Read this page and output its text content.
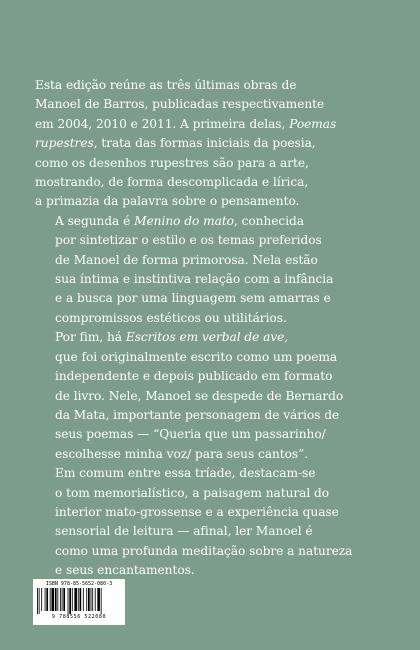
Esta edição reúne as três últimas obras de
Manoel de Barros, publicadas respectivamente
em 2004, 2010 e 2011. A primeira delas, Poemas
rupestres, trata das formas iniciais da poesia,
como os desenhos rupestres são para a arte,
mostrando, de forma descomplicada e lírica,
a primazia da palavra sobre o pensamento.

A segunda é Menino do mato, conhecida
por sintetizar o estilo e os temas preferidos
de Manoel de forma primorosa. Nela estão
sua íntima e instintiva relação com a infância
e a busca por uma linguagem sem amarras e
compromissos estéticos ou utilitários.

Por fim, há Escritos em verbal de ave,
que foi originalmente escrito como um poema
independente e depois publicado em formato
de livro. Nele, Manoel se despede de Bernardo
da Mata, importante personagem de vários de
seus poemas — “Queria que um passarinho/
escolhesse minha voz/ para seus cantos”.

Em comum entre essa tríade, destacam-se
o tom memorialístico, a paisagem natural do
interior mato-grossense e a experiência quase
sensorial de leitura — afinal, ler Manoel é
como uma profunda meditação sobre a natureza
e seus encantamentos.

ISBN 978-85-5652-080-3
9 788556 522080
